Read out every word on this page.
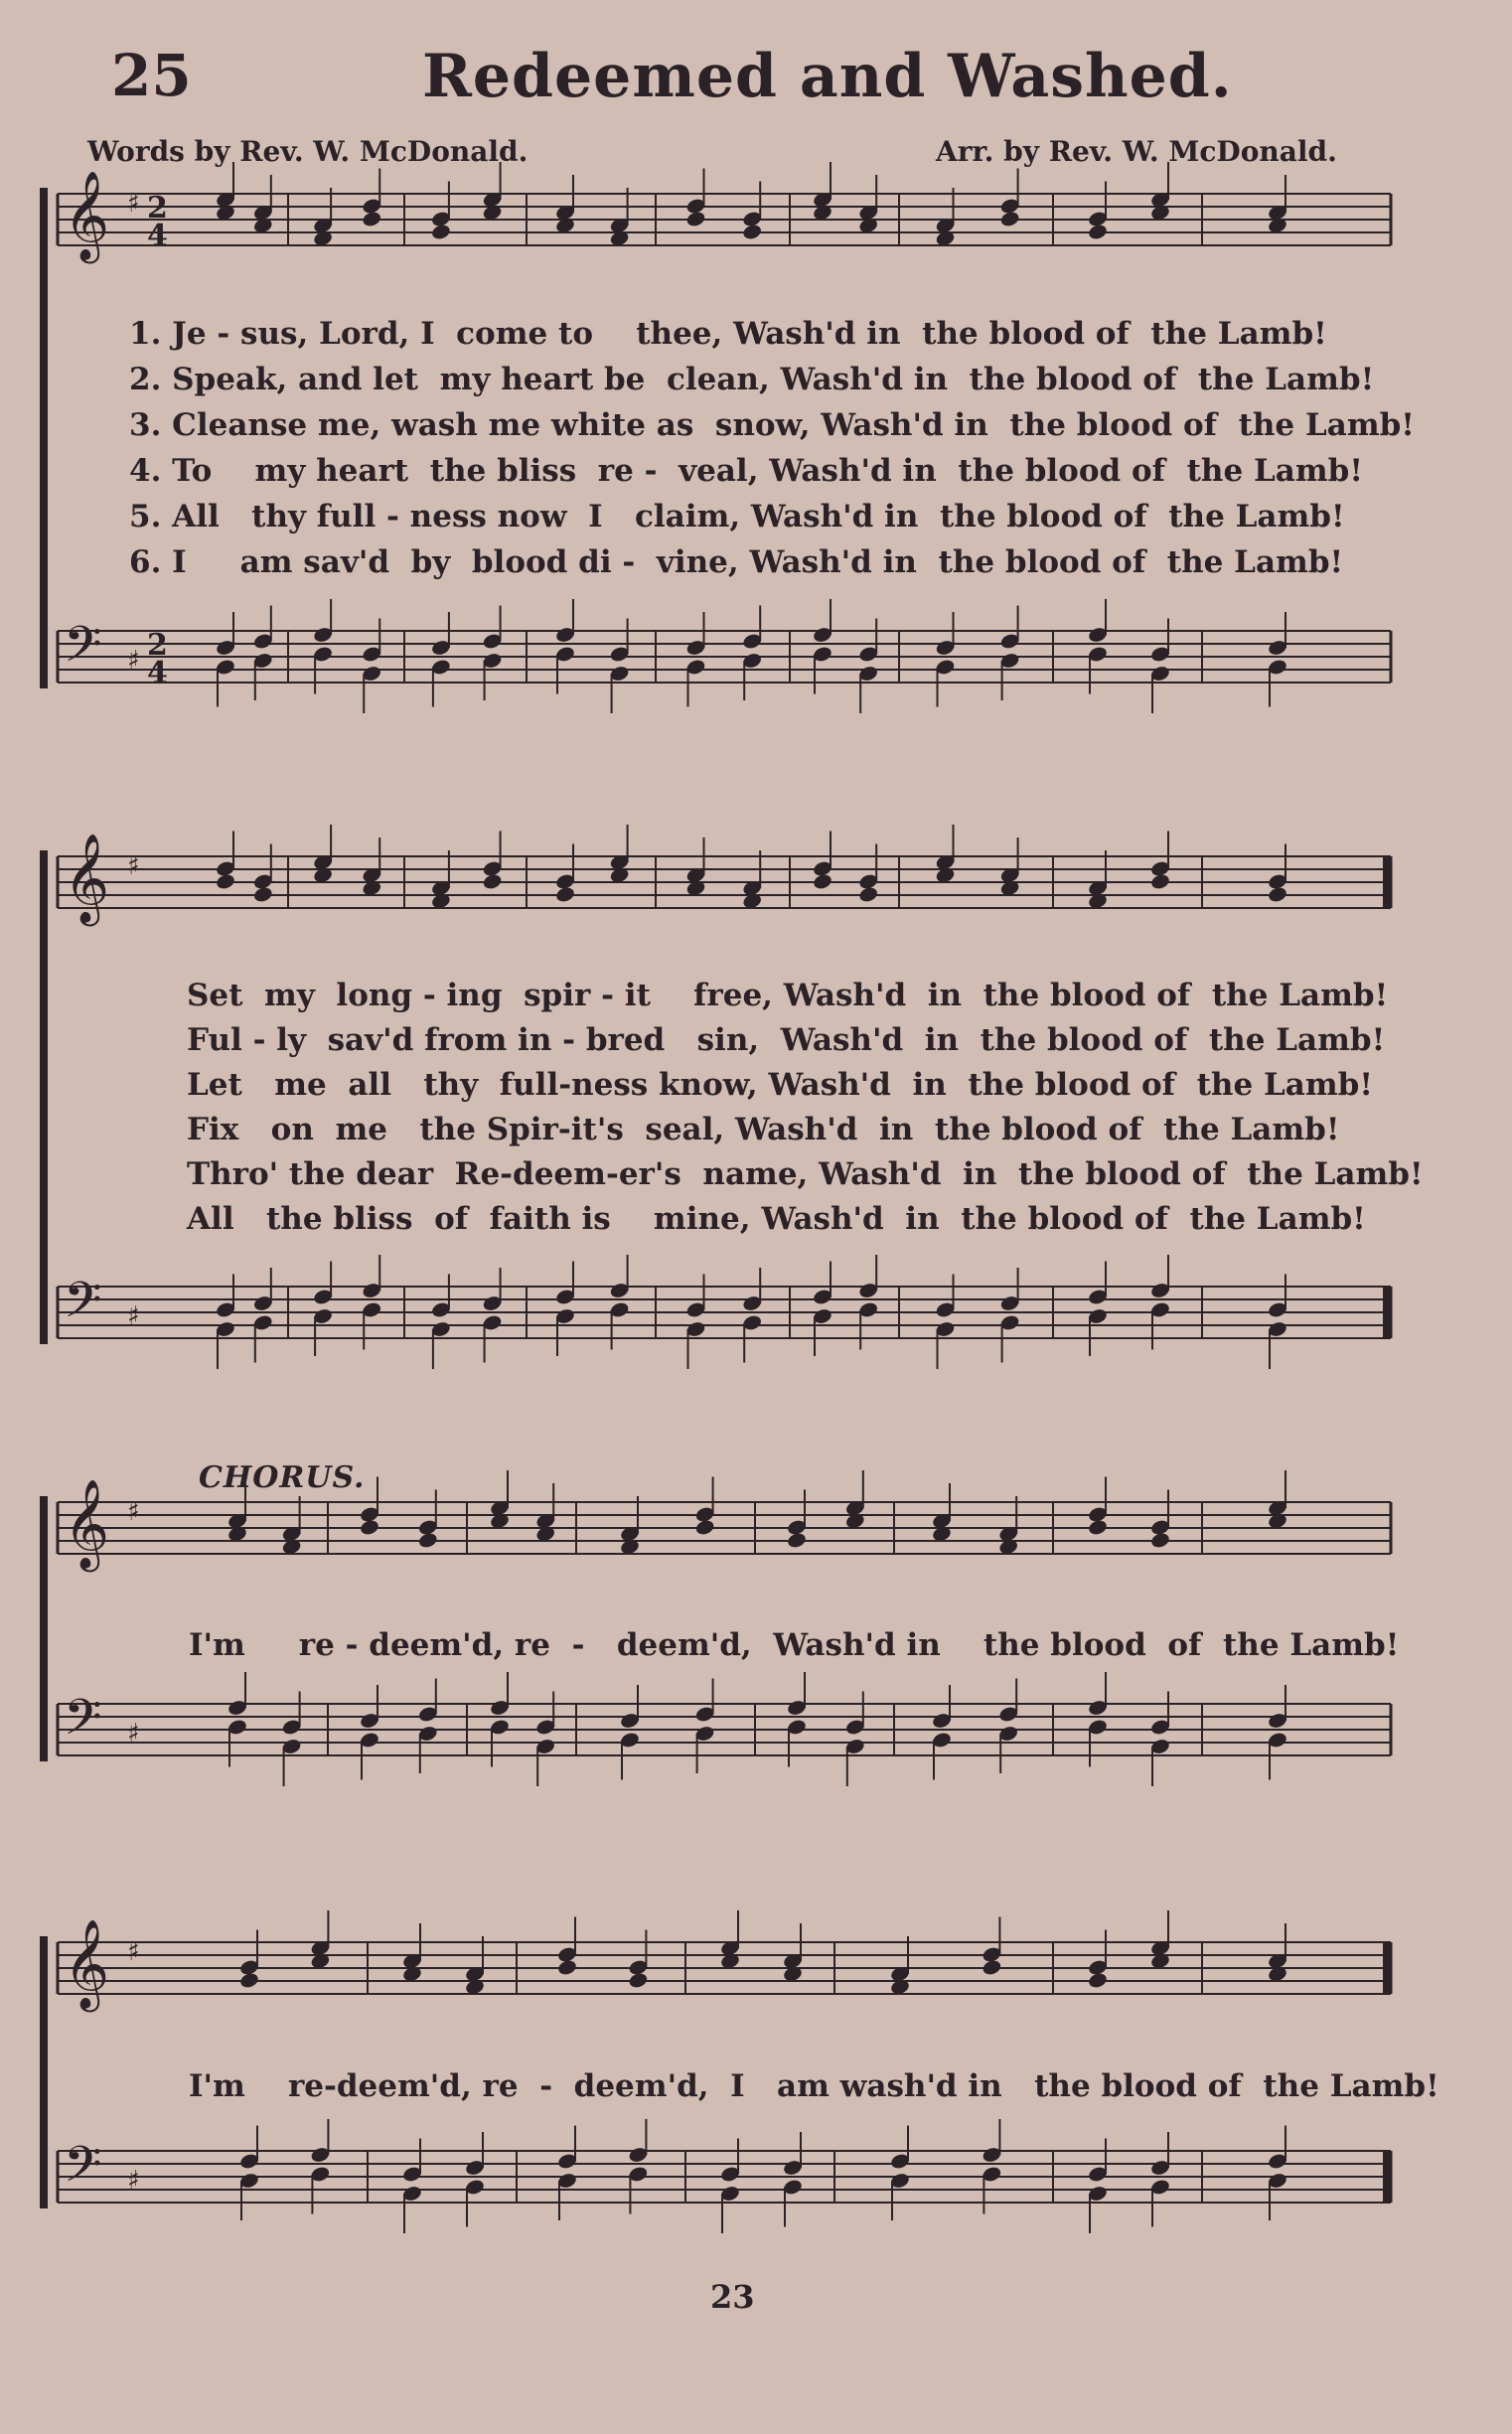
25	Redeemed and Washed.
Words by Rev. W. McDonald.	Arr. by Rev. W. McDonald.
𝄞
𝄢
♯
♯
2
4
2
4
𝄞
𝄢
♯
♯
𝄞
𝄢
♯
♯
𝄞
𝄢
♯
♯
1. Je - sus, Lord, I  come to    thee, Wash'd in  the blood of  the Lamb!
2. Speak, and let  my heart be  clean, Wash'd in  the blood of  the Lamb!
3. Cleanse me, wash me white as  snow, Wash'd in  the blood of  the Lamb!
4. To    my heart  the bliss  re -  veal, Wash'd in  the blood of  the Lamb!
5. All   thy full - ness now  I   claim, Wash'd in  the blood of  the Lamb!
6. I     am sav'd  by  blood di -  vine, Wash'd in  the blood of  the Lamb!
Set  my  long - ing  spir - it    free, Wash'd  in  the blood of  the Lamb!
Ful - ly  sav'd from in - bred   sin,  Wash'd  in  the blood of  the Lamb!
Let   me  all   thy  full-ness know, Wash'd  in  the blood of  the Lamb!
Fix   on  me   the Spir-it's  seal, Wash'd  in  the blood of  the Lamb!
Thro' the dear  Re-deem-er's  name, Wash'd  in  the blood of  the Lamb!
All   the bliss  of  faith is    mine, Wash'd  in  the blood of  the Lamb!
CHORUS.
I'm     re - deem'd, re  -   deem'd,  Wash'd in    the blood  of  the Lamb!
I'm    re-deem'd, re  -  deem'd,  I   am wash'd in   the blood of  the Lamb!
23
